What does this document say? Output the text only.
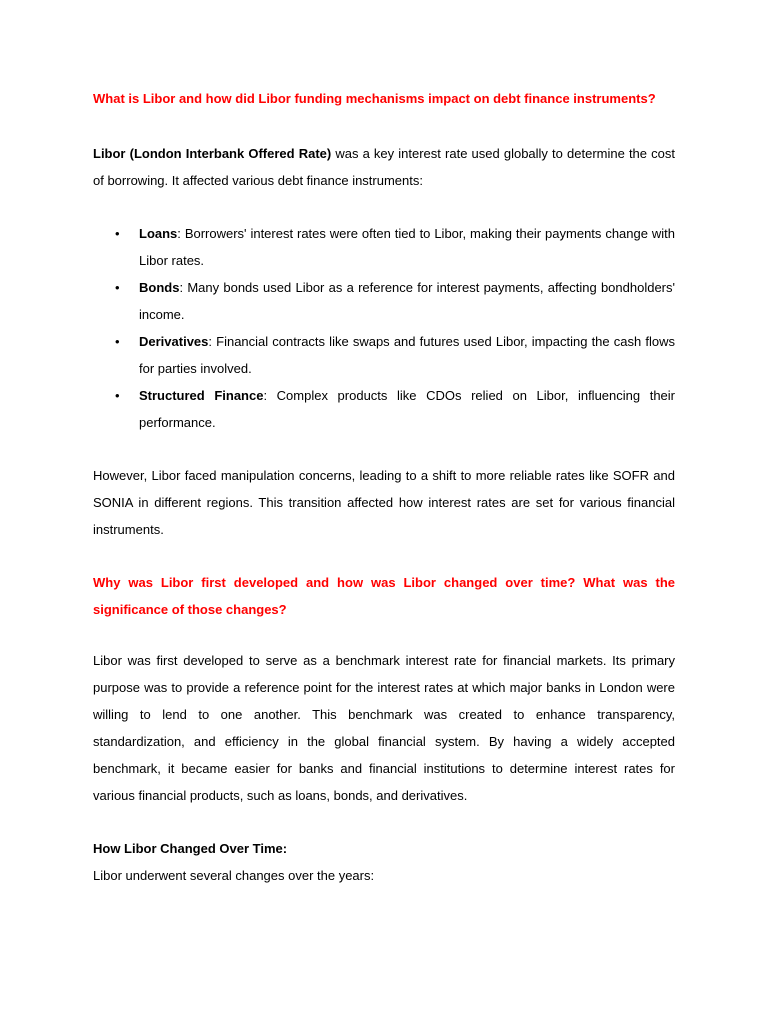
What is Libor and how did Libor funding mechanisms impact on debt finance instruments?

Libor (London Interbank Offered Rate) was a key interest rate used globally to determine the cost of borrowing. It affected various debt finance instruments:

• Loans: Borrowers' interest rates were often tied to Libor, making their payments change with Libor rates.
• Bonds: Many bonds used Libor as a reference for interest payments, affecting bondholders' income.
• Derivatives: Financial contracts like swaps and futures used Libor, impacting the cash flows for parties involved.
• Structured Finance: Complex products like CDOs relied on Libor, influencing their performance.

However, Libor faced manipulation concerns, leading to a shift to more reliable rates like SOFR and SONIA in different regions. This transition affected how interest rates are set for various financial instruments.

Why was Libor first developed and how was Libor changed over time? What was the significance of those changes?

Libor was first developed to serve as a benchmark interest rate for financial markets. Its primary purpose was to provide a reference point for the interest rates at which major banks in London were willing to lend to one another. This benchmark was created to enhance transparency, standardization, and efficiency in the global financial system. By having a widely accepted benchmark, it became easier for banks and financial institutions to determine interest rates for various financial products, such as loans, bonds, and derivatives.

How Libor Changed Over Time:

Libor underwent several changes over the years:
